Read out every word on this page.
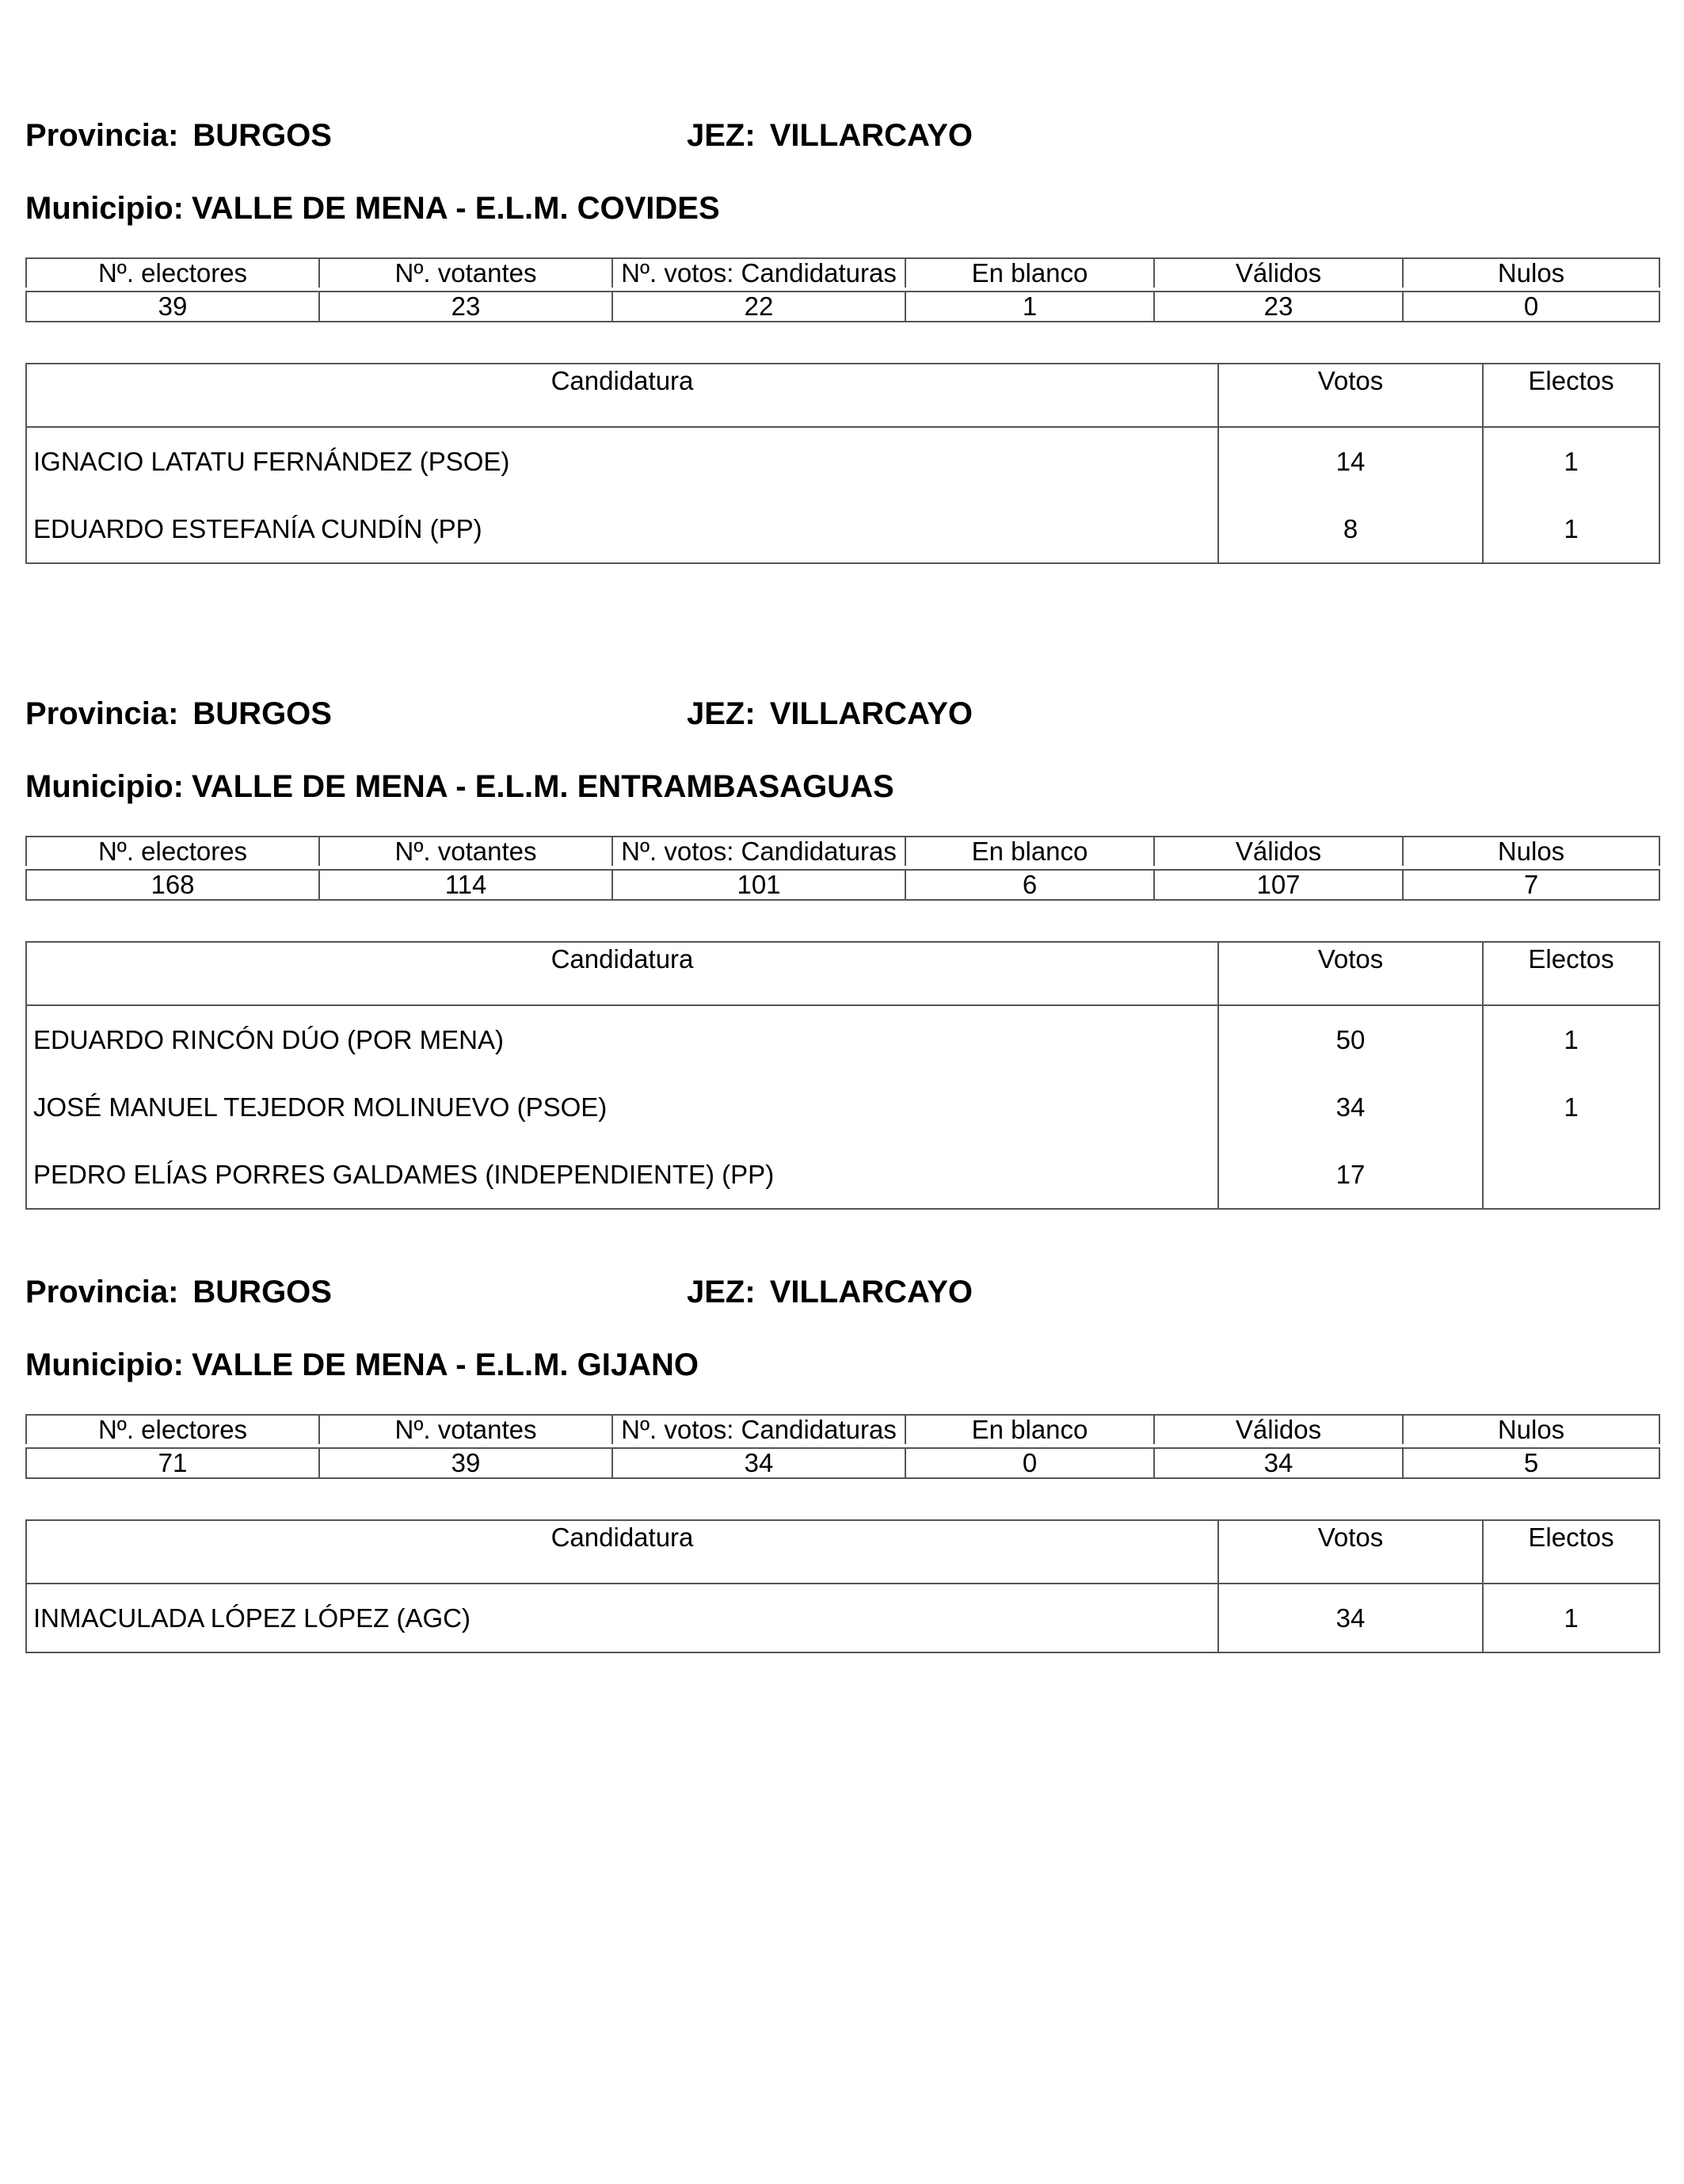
Provincia: BURGOS	JEZ: VILLARCAYO
Municipio: VALLE DE MENA - E.L.M. COVIDES
Nº. electores	Nº. votantes	Nº. votos: Candidaturas	En blanco	Válidos	Nulos

39	23	22	1	23	0
Candidatura	Votos	Electos
IGNACIO LATATU FERNÁNDEZ (PSOE)	14	1
EDUARDO ESTEFANÍA CUNDÍN (PP)	8	1
Provincia: BURGOS	JEZ: VILLARCAYO
Municipio: VALLE DE MENA - E.L.M. ENTRAMBASAGUAS
Nº. electores	Nº. votantes	Nº. votos: Candidaturas	En blanco	Válidos	Nulos

168	114	101	6	107	7
Candidatura	Votos	Electos
EDUARDO RINCÓN DÚO (POR MENA)	50	1
JOSÉ MANUEL TEJEDOR MOLINUEVO (PSOE)	34	1
PEDRO ELÍAS PORRES GALDAMES (INDEPENDIENTE) (PP)	17	
Provincia: BURGOS	JEZ: VILLARCAYO
Municipio: VALLE DE MENA - E.L.M. GIJANO
Nº. electores	Nº. votantes	Nº. votos: Candidaturas	En blanco	Válidos	Nulos

71	39	34	0	34	5
Candidatura	Votos	Electos
INMACULADA LÓPEZ LÓPEZ (AGC)	34	1
